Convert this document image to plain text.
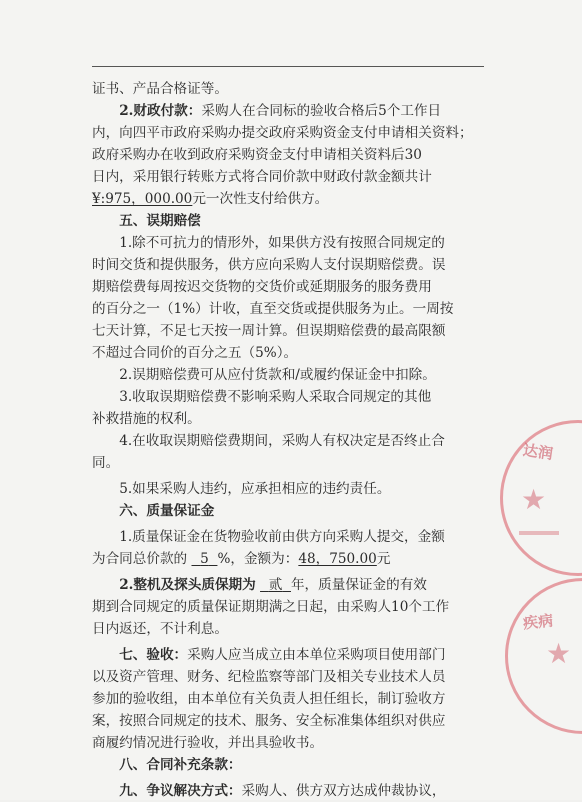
证书、产品合格证等。

2.财政付款：采购人在合同标的验收合格后5个工作日
内，向四平市政府采购办提交政府采购资金支付申请相关资料；
政府采购办在收到政府采购资金支付申请相关资料后30
日内，采用银行转账方式将合同价款中财政付款金额共计
¥:975，000.00元一次性支付给供方。

五、误期赔偿

1.除不可抗力的情形外，如果供方没有按照合同规定的
时间交货和提供服务，供方应向采购人支付误期赔偿费。误
期赔偿费每周按迟交货物的交货价或延期服务的服务费用
的百分之一（1%）计收，直至交货或提供服务为止。一周按
七天计算，不足七天按一周计算。但误期赔偿费的最高限额
不超过合同价的百分之五（5%）。

2.误期赔偿费可从应付货款和/或履约保证金中扣除。

3.收取误期赔偿费不影响采购人采取合同规定的其他
补救措施的权利。

4.在收取误期赔偿费期间，采购人有权决定是否终止合
同。

5.如果采购人违约，应承担相应的违约责任。

六、质量保证金

1.质量保证金在货物验收前由供方向采购人提交，金额
为合同总价款的 5 %，金额为：48，750.00元

2.整机及探头质保期为 贰 年，质量保证金的有效
期到合同规定的质量保证期期满之日起，由采购人10个工作
日内返还，不计利息。

七、验收：采购人应当成立由本单位采购项目使用部门
以及资产管理、财务、纪检监察等部门及相关专业技术人员
参加的验收组，由本单位有关负责人担任组长，制订验收方
案，按照合同规定的技术、服务、安全标准集体组织对供应
商履约情况进行验收，并出具验收书。

八、合同补充条款：

九、争议解决方式：采购人、供方双方达成仲裁协议，

达润
★
疾病
★
